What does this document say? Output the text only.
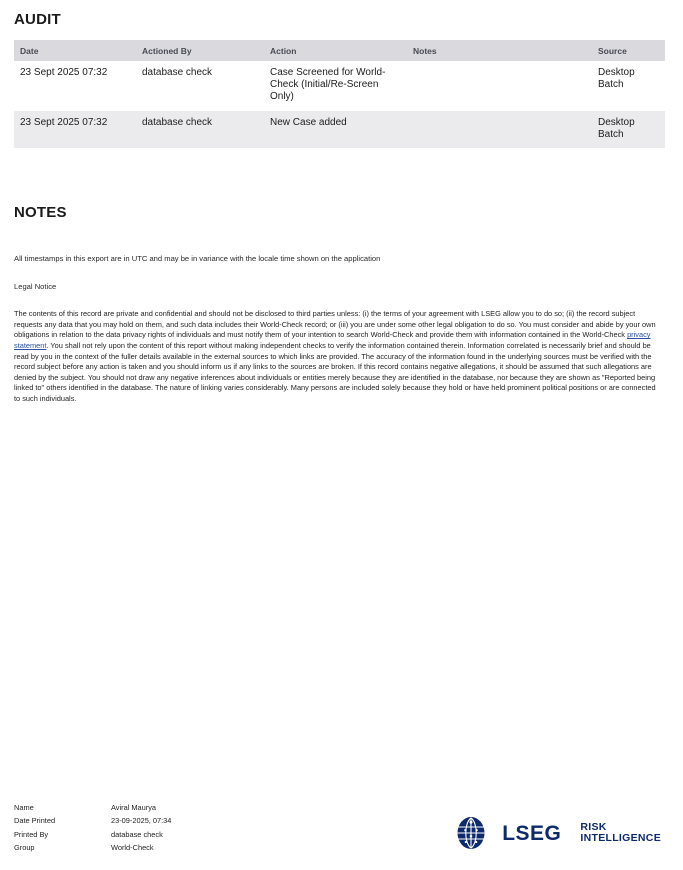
AUDIT
Date	Actioned By	Action	Notes	Source
23 Sept 2025 07:32	database check	Case Screened for World-Check (Initial/Re-Screen Only)		Desktop Batch
23 Sept 2025 07:32	database check	New Case added		Desktop Batch
NOTES
All timestamps in this export are in UTC and may be in variance with the locale time shown on the application
Legal Notice
The contents of this record are private and confidential and should not be disclosed to third parties unless: (i) the terms of your agreement with LSEG allow you to do so; (ii) the record subject requests any data that you may hold on them, and such data includes their World-Check record; or (iii) you are under some other legal obligation to do so. You must consider and abide by your own obligations in relation to the data privacy rights of individuals and must notify them of your intention to search World-Check and provide them with information contained in the World-Check privacy statement. You shall not rely upon the content of this report without making independent checks to verify the information contained therein. Information correlated is necessarily brief and should be read by you in the context of the fuller details available in the external sources to which links are provided. The accuracy of the information found in the underlying sources must be verified with the record subject before any action is taken and you should inform us if any links to the sources are broken. If this record contains negative allegations, it should be assumed that such allegations are denied by the subject. You should not draw any negative inferences about individuals or entities merely because they are identified in the database, nor because they are shown as "Reported being linked to" others identified in the database. The nature of linking varies considerably. Many persons are included solely because they hold or have held prominent political positions or are connected to such individuals.
Name	Aviral Maurya
Date Printed	23-09-2025, 07:34
Printed By	database check
Group	World-Check
LSEG RISK
INTELLIGENCE
